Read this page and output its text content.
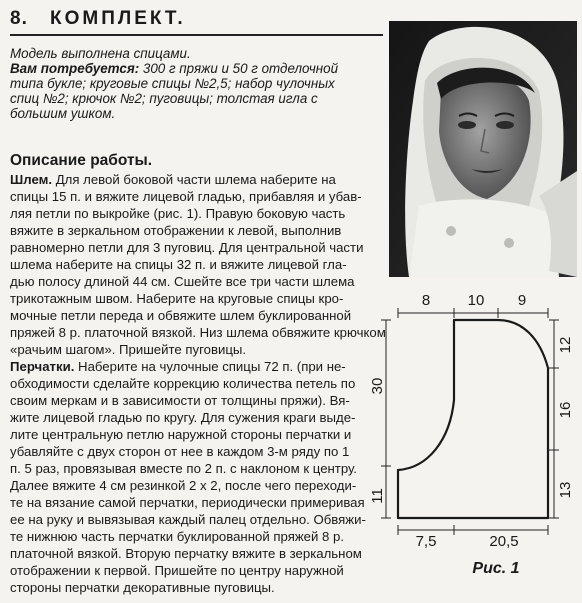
8. КОМПЛЕКТ.

Модель выполнена спицами.

Вам потребуется: 300 г пряжи и 50 г отделочной

типа букле; круговые спицы №2,5; набор чулочных

спиц №2; крючок №2; пуговицы; толстая игла с

большим ушком.

Описание работы.
Шлем. Для левой боковой части шлема наберите на
спицы 15 п. и вяжите лицевой гладью, прибавляя и убав-
ляя петли по выкройке (рис. 1). Правую боковую часть
вяжите в зеркальном отображении к левой, выполнив
равномерно петли для 3 пуговиц. Для центральной части
шлема наберите на спицы 32 п. и вяжите лицевой гла-
дью полосу длиной 44 см. Сшейте все три части шлема
трикотажным швом. Наберите на круговые спицы кро-
мочные петли переда и обвяжите шлем буклированной
пряжей 8 р. платочной вязкой. Низ шлема обвяжите крючком
«рачьим шагом». Пришейте пуговицы.
Перчатки. Наберите на чулочные спицы 72 п. (при не-
обходимости сделайте коррекцию количества петель по
своим меркам и в зависимости от толщины пряжи). Вя-
жите лицевой гладью по кругу. Для сужения краги выде-
лите центральную петлю наружной стороны перчатки и
убавляйте с двух сторон от нее в каждом 3-м ряду по 1
п. 5 раз, провязывая вместе по 2 п. с наклоном к центру.
Далее вяжите 4 см резинкой 2 х 2, после чего переходи-
те на вязание самой перчатки, периодически примеривая
ее на руку и вывязывая каждый палец отдельно. Обвяжи-
те нижнюю часть перчатки буклированной пряжей 8 р.
платочной вязкой. Вторую перчатку вяжите в зеркальном
отображении к первой. Пришейте по центру наружной
стороны перчатки декоративные пуговицы.
8 10 9
12
16
13
30
11
7,5	20,5
Рис. 1
